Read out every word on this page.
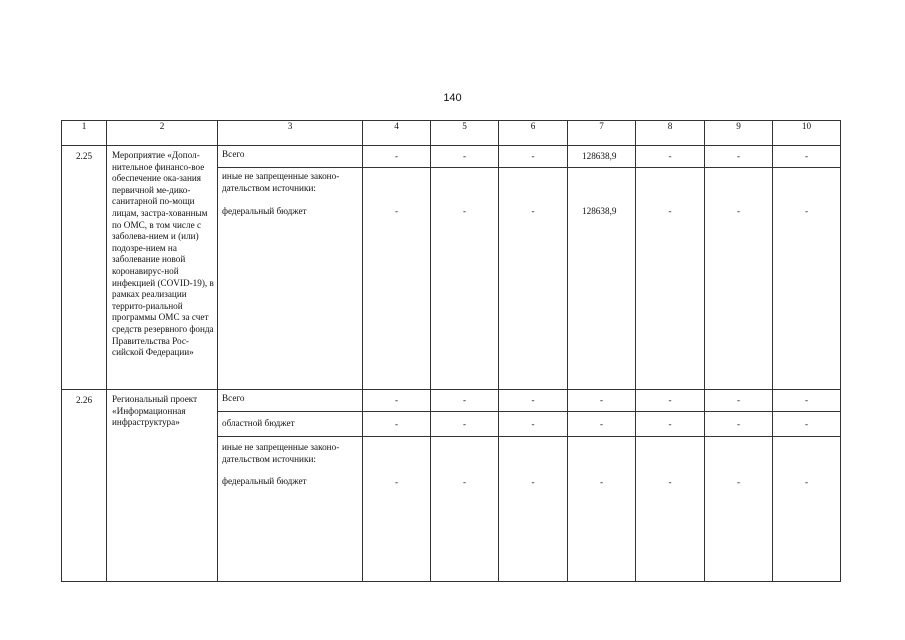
140
1	2	3	4	5	6	7	8	9	10
2.25	Мероприятие «Допол-нительное финансо-вое обеспечение ока-зания первичной ме-дико-санитарной по-мощи лицам, застра-хованным по ОМС, в том числе с заболева-нием и (или) подозре-нием на заболевание новой коронавирус-ной инфекцией (COVID-19), в рамках реализации террито-риальной программы ОМС за счет средств резервного фонда Правительства Рос-сийской Федерации»	Всего	-	-	-	128638,9	-	-	-

		иные не запрещенные законо-дательством источники:
федеральный бюджет	-	-	-	128638,9	-	-	-
2.26	Региональный проект «Информационная инфраструктура»	Всего	-	-	-	-	-	-	-
		областной бюджет	-	-	-	-	-	-	-

		иные не запрещенные законо-дательством источники:
федеральный бюджет	-	-	-	-	-	-	-
